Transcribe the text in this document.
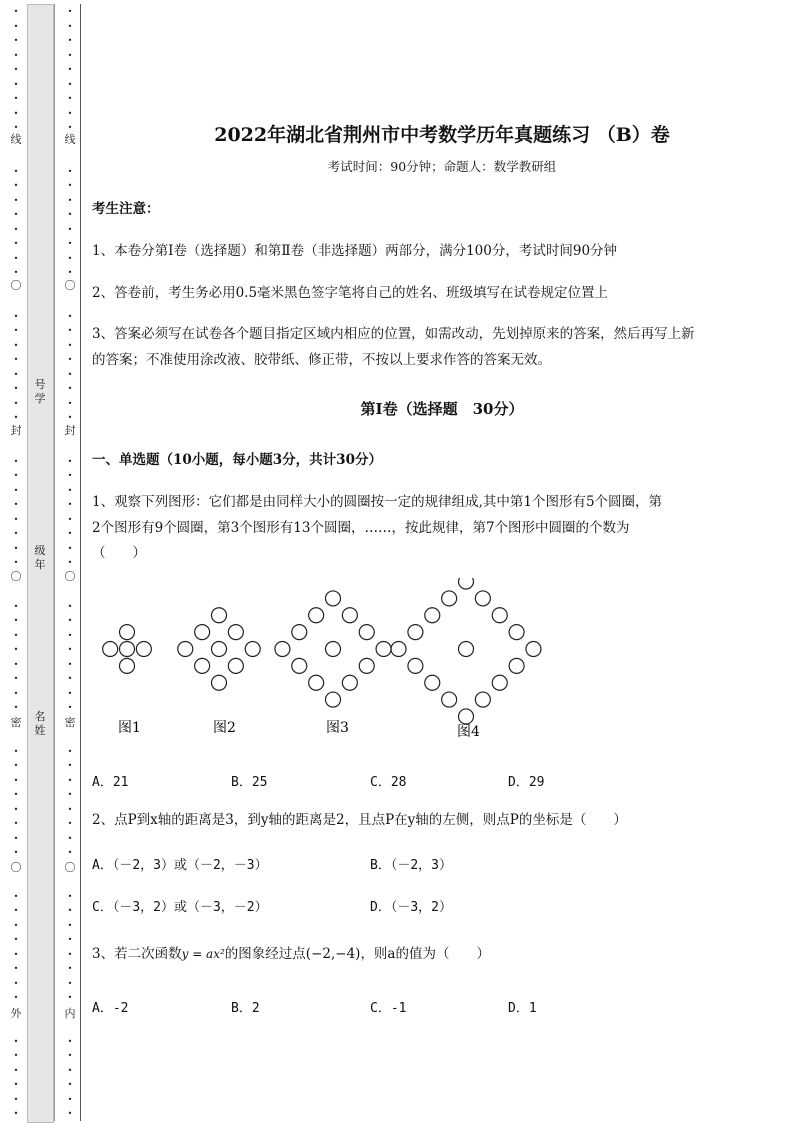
•
•
•
•
•
•
•
•
•
•
•
•
•
•
•
•
•
•
•
•
•
•
•
•
•
•
•
•
•
•
•
•
•
•
•
•
•
•
•
•
•
•
•
•
•
•
•
•
•
•
•
•
•
•
•
•
•
•
•
•
•
•
•
线
〇
封
〇
密
〇
外
号学
级年
名姓
•
•
•
•
•
•
•
•
•
•
•
•
•
•
•
•
•
•
•
•
•
•
•
•
•
•
•
•
•
•
•
•
•
•
•
•
•
•
•
•
•
•
•
•
•
•
•
•
•
•
•
•
•
•
•
•
•
•
•
•
•
•
•
线
〇
封
〇
密
〇
内
2022年湖北省荆州市中考数学历年真题练习 （B）卷
考试时间：90分钟；命题人：数学教研组
考生注意：
1、本卷分第I卷（选择题）和第Ⅱ卷（非选择题）两部分，满分100分，考试时间90分钟
2、答卷前，考生务必用0.5毫米黑色签字笔将自己的姓名、班级填写在试卷规定位置上
3、答案必须写在试卷各个题目指定区域内相应的位置，如需改动，先划掉原来的答案，然后再写上新
的答案；不准使用涂改液、胶带纸、修正带，不按以上要求作答的答案无效。
第I卷（选择题　30分）
一、单选题（10小题，每小题3分，共计30分）
1、观察下列图形：它们都是由同样大小的圆圈按一定的规律组成,其中第1个图形有5个圆圈，第
2个图形有9个圆圈，第3个图形有13个圆圈，……，按此规律，第7个图形中圆圈的个数为
（　　）
图1	图2	图3	图4
A．21	B．25	C．28	D．29
2、点P到x轴的距离是3，到y轴的距离是2，且点P在y轴的左侧，则点P的坐标是（　　）
A．（－2，3）或（－2，－3）	B．（－2，3）
C．（－3，2）或（－3，－2）	D．（－3，2）
3、若二次函数y = ax²的图象经过点(−2,−4)，则a的值为（　　）
A．-2	B．2	C．-1	D．1
